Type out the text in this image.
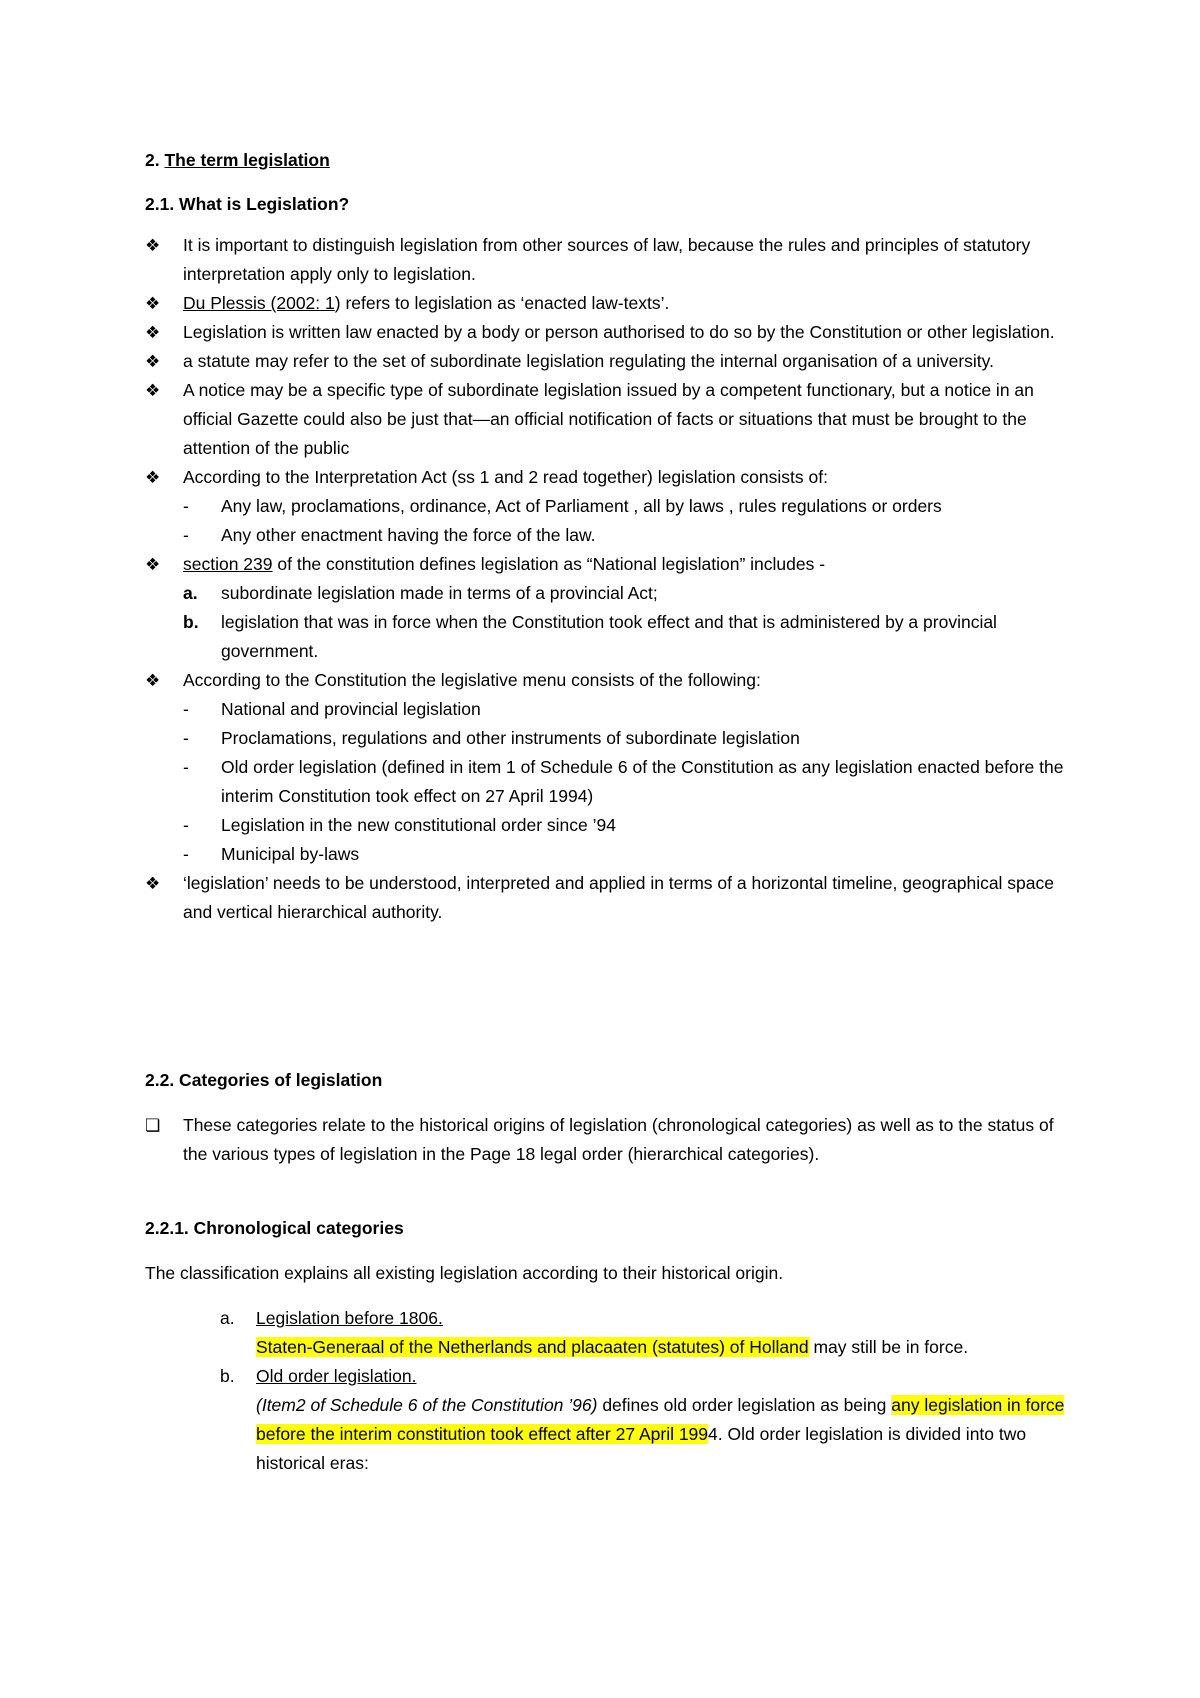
2. The term legislation
2.1. What is Legislation?
❖	It is important to distinguish legislation from other sources of law, because the rules and principles of statutory interpretation apply only to legislation.
❖	Du Plessis (2002: 1) refers to legislation as ‘enacted law-texts’.
❖	Legislation is written law enacted by a body or person authorised to do so by the Constitution or other legislation.
❖	a statute may refer to the set of subordinate legislation regulating the internal organisation of a university.
❖	A notice may be a specific type of subordinate legislation issued by a competent functionary, but a notice in an official Gazette could also be just that—an official notification of facts or situations that must be brought to the attention of the public
❖	According to the Interpretation Act (ss 1 and 2 read together) legislation consists of:
-	Any law, proclamations, ordinance, Act of Parliament , all by laws , rules regulations or orders
-	Any other enactment having the force of the law.
❖	section 239 of the constitution defines legislation as “National legislation” includes -
a.	subordinate legislation made in terms of a provincial Act;
b.	legislation that was in force when the Constitution took effect and that is administered by a provincial government.
❖	According to the Constitution the legislative menu consists of the following:
-	National and provincial legislation
-	Proclamations, regulations and other instruments of subordinate legislation
-	Old order legislation (defined in item 1 of Schedule 6 of the Constitution as any legislation enacted before the interim Constitution took effect on 27 April 1994)
-	Legislation in the new constitutional order since ’94
-	Municipal by-laws
❖	‘legislation’ needs to be understood, interpreted and applied in terms of a horizontal timeline, geographical space and vertical hierarchical authority.
2.2. Categories of legislation
❏	These categories relate to the historical origins of legislation (chronological categories) as well as to the status of the various types of legislation in the Page 18 legal order (hierarchical categories).
2.2.1. Chronological categories

The classification explains all existing legislation according to their historical origin.

a. Legislation before 1806.
Staten-Generaal of the Netherlands and placaaten (statutes) of Holland may still be in force.
b. Old order legislation.
(Item2 of Schedule 6 of the Constitution ’96) defines old order legislation as being any legislation in force before the interim constitution took effect after 27 April 1994. Old order legislation is divided into two historical eras:
